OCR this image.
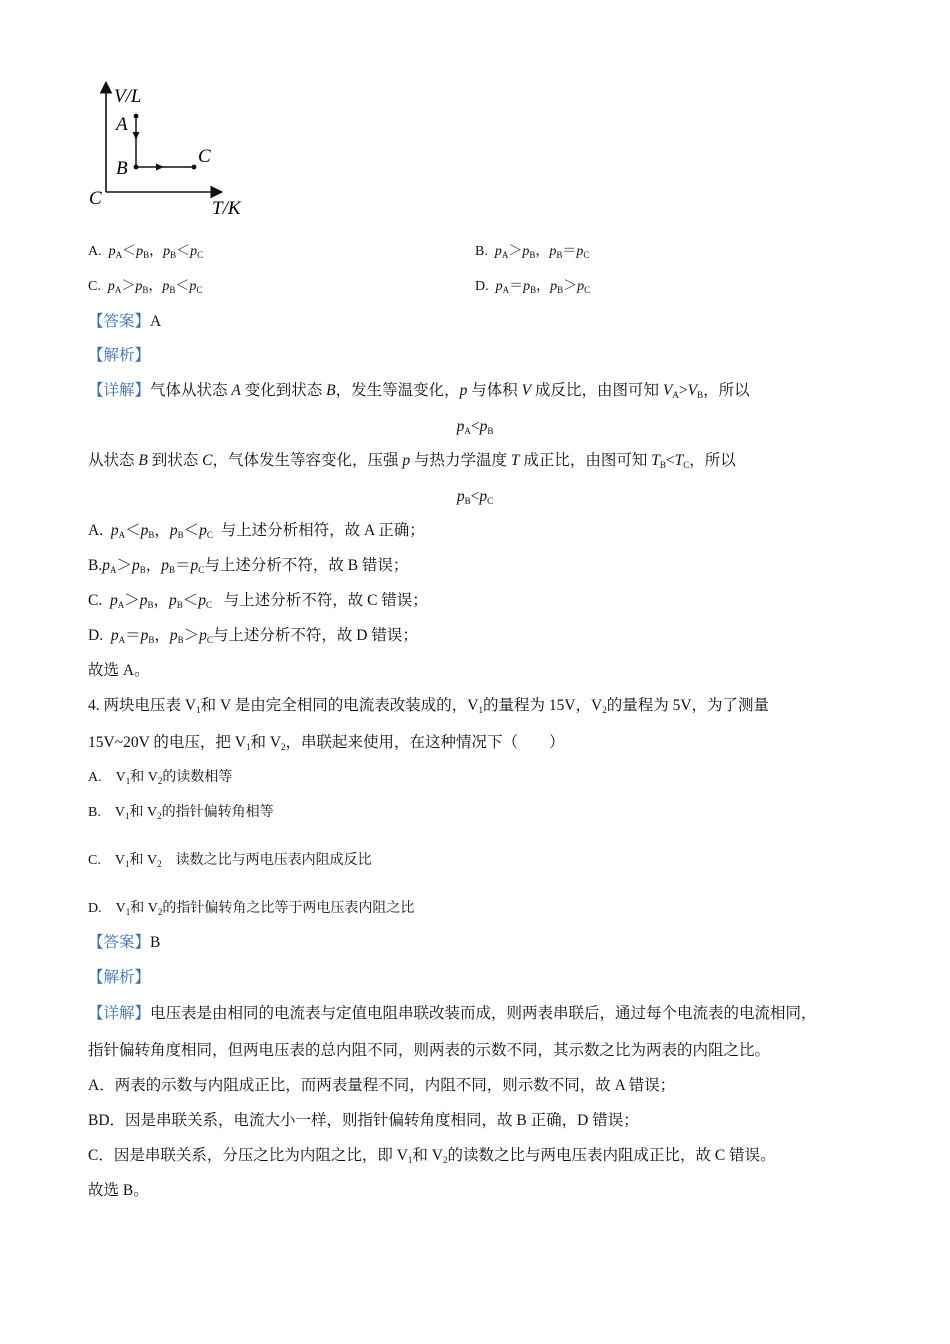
V/L
T/K
C
A
B
C
A. $p_A<p_B$，$p_B<p_C$	B. $p_A>p_B$，$p_B=p_C$
C. $p_A>p_B$，$p_B<p_C$	D. $p_A=p_B$，$p_B>p_C$
【答案】A
【解析】
【详解】气体从状态 A 变化到状态 B，发生等温变化，p 与体积 V 成反比，由图可知 $V_A>V_B$，所以
$p_A<p_B$
从状态 B 到状态 C，气体发生等容变化，压强 p 与热力学温度 T 成正比，由图可知 $T_B<T_C$，所以
$p_B<p_C$
A. $p_A<p_B$，$p_B<p_C$ 与上述分析相符，故 A 正确；
$B.p_A>p_B$，$p_B=p_C$与上述分析不符，故 B 错误；
C. $p_A>p_B$，$p_B<p_C$ 与上述分析不符，故 C 错误；
D. $p_A=p_B$，$p_B>p_C$与上述分析不符，故 D 错误；
故选 A。
4. 两块电压表 $V_1$和 V 是由完全相同的电流表改装成的，$V_1$的量程为 15V，$V_2$的量程为 5V，为了测量
15V~20V 的电压，把 $V_1$和 $V_2$，串联起来使用，在这种情况下（　　）
A.　$V_1$和 $V_2$的读数相等
B.　$V_1$和 $V_2$的指针偏转角相等
C.　$V_1$和 $V_2$　读数之比与两电压表内阻成反比
D.　$V_1$和 $V_2$的指针偏转角之比等于两电压表内阻之比
【答案】B
【解析】
【详解】电压表是由相同的电流表与定值电阻串联改装而成，则两表串联后，通过每个电流表的电流相同，
指针偏转角度相同，但两电压表的总内阻不同，则两表的示数不同，其示数之比为两表的内阻之比。
A．两表的示数与内阻成正比，而两表量程不同，内阻不同，则示数不同，故 A 错误；
BD．因是串联关系，电流大小一样，则指针偏转角度相同，故 B 正确，D 错误；
C．因是串联关系，分压之比为内阻之比，即 $V_1$和 $V_2$的读数之比与两电压表内阻成正比，故 C 错误。
故选 B。
